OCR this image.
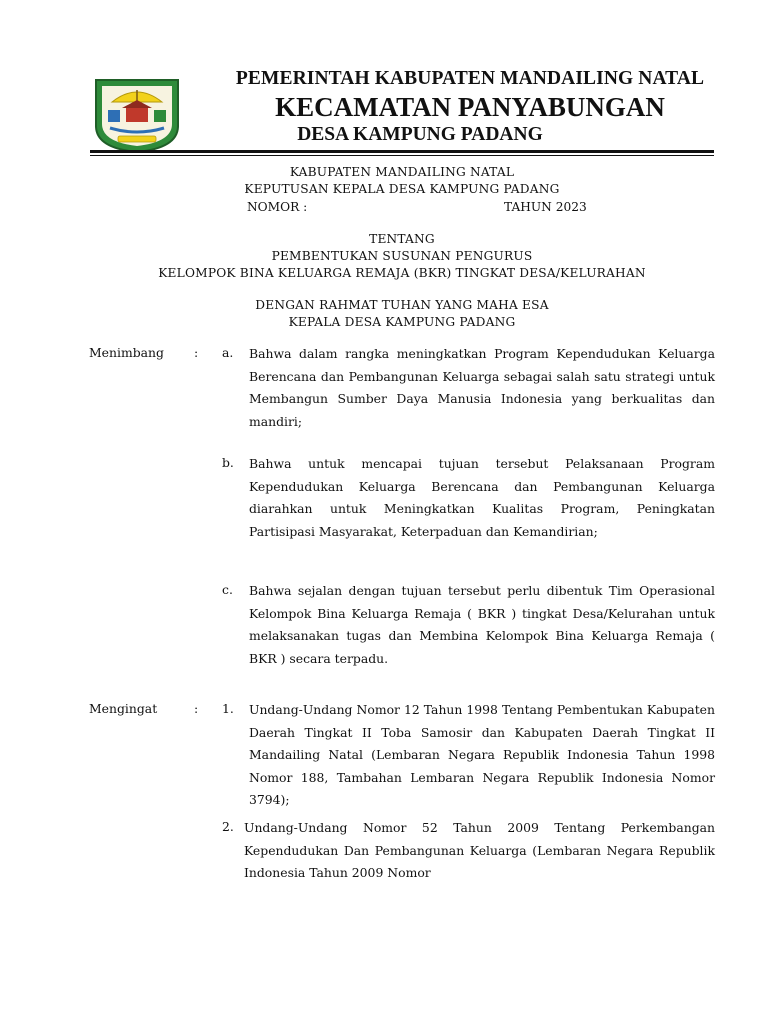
PEMERINTAH KABUPATEN MANDAILING NATAL
KECAMATAN PANYABUNGAN
DESA KAMPUNG PADANG
KABUPATEN MANDAILING NATAL
KEPUTUSAN KEPALA DESA KAMPUNG PADANG
NOMOR :	TAHUN 2023
TENTANG
PEMBENTUKAN SUSUNAN PENGURUS
KELOMPOK BINA KELUARGA REMAJA (BKR) TINGKAT DESA/KELURAHAN
DENGAN RAHMAT TUHAN YANG MAHA ESA
KEPALA DESA KAMPUNG PADANG
Menimbang : a. Bahwa dalam rangka meningkatkan Program Kependudukan Keluarga Berencana dan Pembangunan Keluarga sebagai salah satu strategi untuk Membangun Sumber Daya Manusia Indonesia yang berkualitas dan mandiri;
b. Bahwa untuk mencapai tujuan tersebut Pelaksanaan Program Kependudukan Keluarga Berencana dan Pembangunan Keluarga diarahkan untuk Meningkatkan Kualitas Program, Peningkatan Partisipasi Masyarakat, Keterpaduan dan Kemandirian;
c. Bahwa sejalan dengan tujuan tersebut perlu dibentuk Tim Operasional Kelompok Bina Keluarga Remaja ( BKR ) tingkat Desa/Kelurahan untuk melaksanakan tugas dan Membina Kelompok Bina Keluarga Remaja ( BKR ) secara terpadu.
Mengingat	: 1. Undang-Undang Nomor 12 Tahun 1998 Tentang Pembentukan Kabupaten Daerah Tingkat II Toba Samosir dan Kabupaten Daerah Tingkat II Mandailing Natal (Lembaran Negara Republik Indonesia Tahun 1998 Nomor 188, Tambahan Lembaran Negara Republik Indonesia Nomor 3794);
2. Undang-Undang Nomor 52 Tahun 2009 Tentang Perkembangan Kependudukan Dan Pembangunan Keluarga (Lembaran Negara Republik Indonesia Tahun 2009 Nomor
